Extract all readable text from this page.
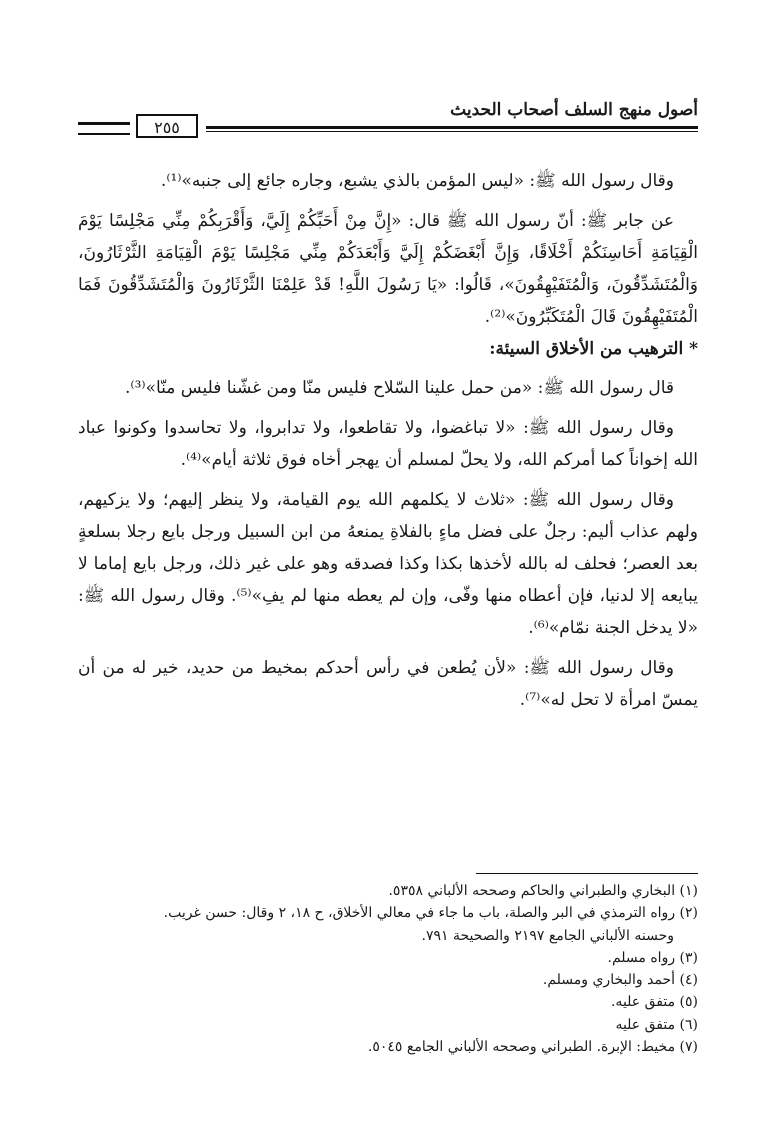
أصول منهج السلف أصحاب الحديث
٢٥٥

وقال رسول الله ﷺ: «ليس المؤمن بالذي يشبع، وجاره جائع إلى جنبه»⁽¹⁾.

عن جابر ﷺ: أنّ رسول الله ﷺ قال: «إِنَّ مِنْ أَحَبِّكُمْ إِلَيَّ، وَأَقْرَبِكُمْ مِنِّي مَجْلِسًا يَوْمَ الْقِيَامَةِ أَحَاسِنَكُمْ أَخْلَاقًا، وَإِنَّ أَبْغَضَكُمْ إِلَيَّ وَأَبْعَدَكُمْ مِنِّي مَجْلِسًا يَوْمَ الْقِيَامَةِ الثَّرْثَارُونَ، وَالْمُتَشَدِّقُونَ، وَالْمُتَفَيْهِقُونَ»، قَالُوا: «يَا رَسُولَ اللَّهِ! قَدْ عَلِمْنَا الثَّرْثَارُونَ وَالْمُتَشَدِّقُونَ فَمَا الْمُتَفَيْهِقُونَ قَالَ الْمُتَكَبِّرُونَ»⁽²⁾.

* الترهيب من الأخلاق السيئة:

قال رسول الله ﷺ: «من حمل علينا السّلاح فليس منّا ومن غشّنا فليس منّا»⁽³⁾.

وقال رسول الله ﷺ: «لا تباغضوا، ولا تقاطعوا، ولا تدابروا، ولا تحاسدوا وكونوا عباد الله إخواناً كما أمركم الله، ولا يحلّ لمسلم أن يهجر أخاه فوق ثلاثة أيام»⁽⁴⁾.

وقال رسول الله ﷺ: «ثلاث لا يكلمهم الله يوم القيامة، ولا ينظر إليهم؛ ولا يزكيهم، ولهم عذاب أليم: رجلٌ على فضل ماءٍ بالفلاةِ يمنعهُ من ابن السبيل ورجل بايع رجلا بسلعةٍ بعد العصر؛ فحلف له بالله لأخذها بكذا وكذا فصدقه وهو على غير ذلك، ورجل بايع إماما لا يبايعه إلا لدنيا، فإن أعطاه منها وفّى، وإن لم يعطه منها لم يفِ»⁽⁵⁾. وقال رسول الله ﷺ: «لا يدخل الجنة نمّام»⁽⁶⁾.

وقال رسول الله ﷺ: «لأن يُطعن في رأس أحدكم بمخيط من حديد، خير له من أن يمسّ امرأة لا تحل له»⁽⁷⁾.

(١) البخاري والطبراني والحاكم وصححه الألباني ٥٣٥٨.

(٢) رواه الترمذي في البر والصلة، باب ما جاء في معالي الأخلاق، ح ١٨، ٢ وقال: حسن غريب.

وحسنه الألباني الجامع ٢١٩٧ والصحيحة ٧٩١.

(٣) رواه مسلم.

(٤) أحمد والبخاري ومسلم.

(٥) متفق عليه.

(٦) متفق عليه

(٧) مخيط: الإبرة. الطبراني وصححه الألباني الجامع ٥٠٤٥.
